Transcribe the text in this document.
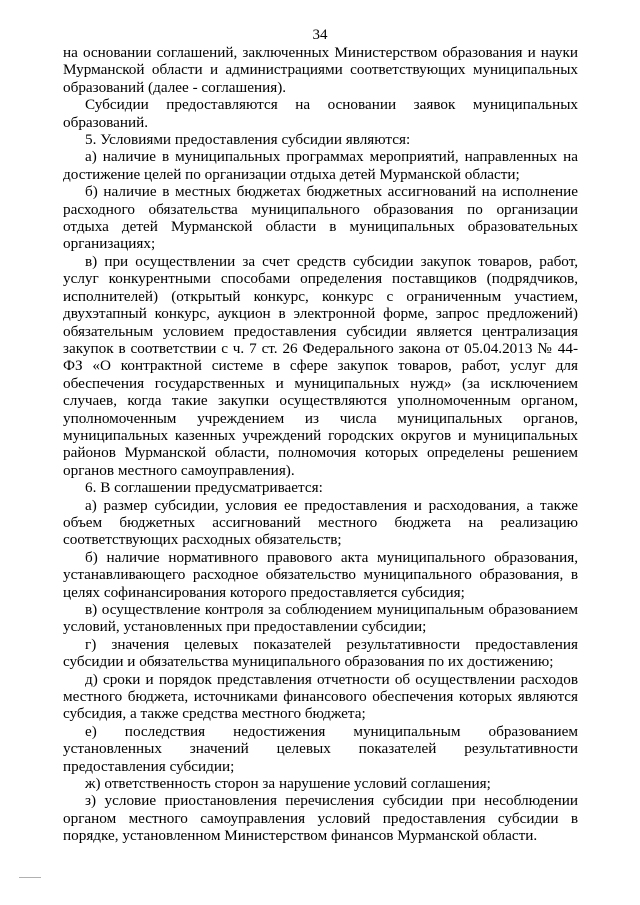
34

на основании соглашений, заключенных Министерством образования и науки Мурманской области и администрациями соответствующих муниципальных образований (далее - соглашения).

Субсидии предоставляются на основании заявок муниципальных образований.

5. Условиями предоставления субсидии являются:

а) наличие в муниципальных программах мероприятий, направленных на достижение целей по организации отдыха детей Мурманской области;

б) наличие в местных бюджетах бюджетных ассигнований на исполнение расходного обязательства муниципального образования по организации отдыха детей Мурманской области в муниципальных образовательных организациях;

в) при осуществлении за счет средств субсидии закупок товаров, работ, услуг конкурентными способами определения поставщиков (подрядчиков, исполнителей) (открытый конкурс, конкурс с ограниченным участием, двухэтапный конкурс, аукцион в электронной форме, запрос предложений) обязательным условием предоставления субсидии является централизация закупок в соответствии с ч. 7 ст. 26 Федерального закона от 05.04.2013 № 44-ФЗ «О контрактной системе в сфере закупок товаров, работ, услуг для обеспечения государственных и муниципальных нужд» (за исключением случаев, когда такие закупки осуществляются уполномоченным органом, уполномоченным учреждением из числа муниципальных органов, муниципальных казенных учреждений городских округов и муниципальных районов Мурманской области, полномочия которых определены решением органов местного самоуправления).

6. В соглашении предусматривается:

а) размер субсидии, условия ее предоставления и расходования, а также объем бюджетных ассигнований местного бюджета на реализацию соответствующих расходных обязательств;

б) наличие нормативного правового акта муниципального образования, устанавливающего расходное обязательство муниципального образования, в целях софинансирования которого предоставляется субсидия;

в) осуществление контроля за соблюдением муниципальным образованием условий, установленных при предоставлении субсидии;

г) значения целевых показателей результативности предоставления субсидии и обязательства муниципального образования по их достижению;

д) сроки и порядок представления отчетности об осуществлении расходов местного бюджета, источниками финансового обеспечения которых являются субсидия, а также средства местного бюджета;

е) последствия недостижения муниципальным образованием установленных значений целевых показателей результативности предоставления субсидии;

ж) ответственность сторон за нарушение условий соглашения;

з) условие приостановления перечисления субсидии при несоблюдении органом местного самоуправления условий предоставления субсидии в порядке, установленном Министерством финансов Мурманской области.
